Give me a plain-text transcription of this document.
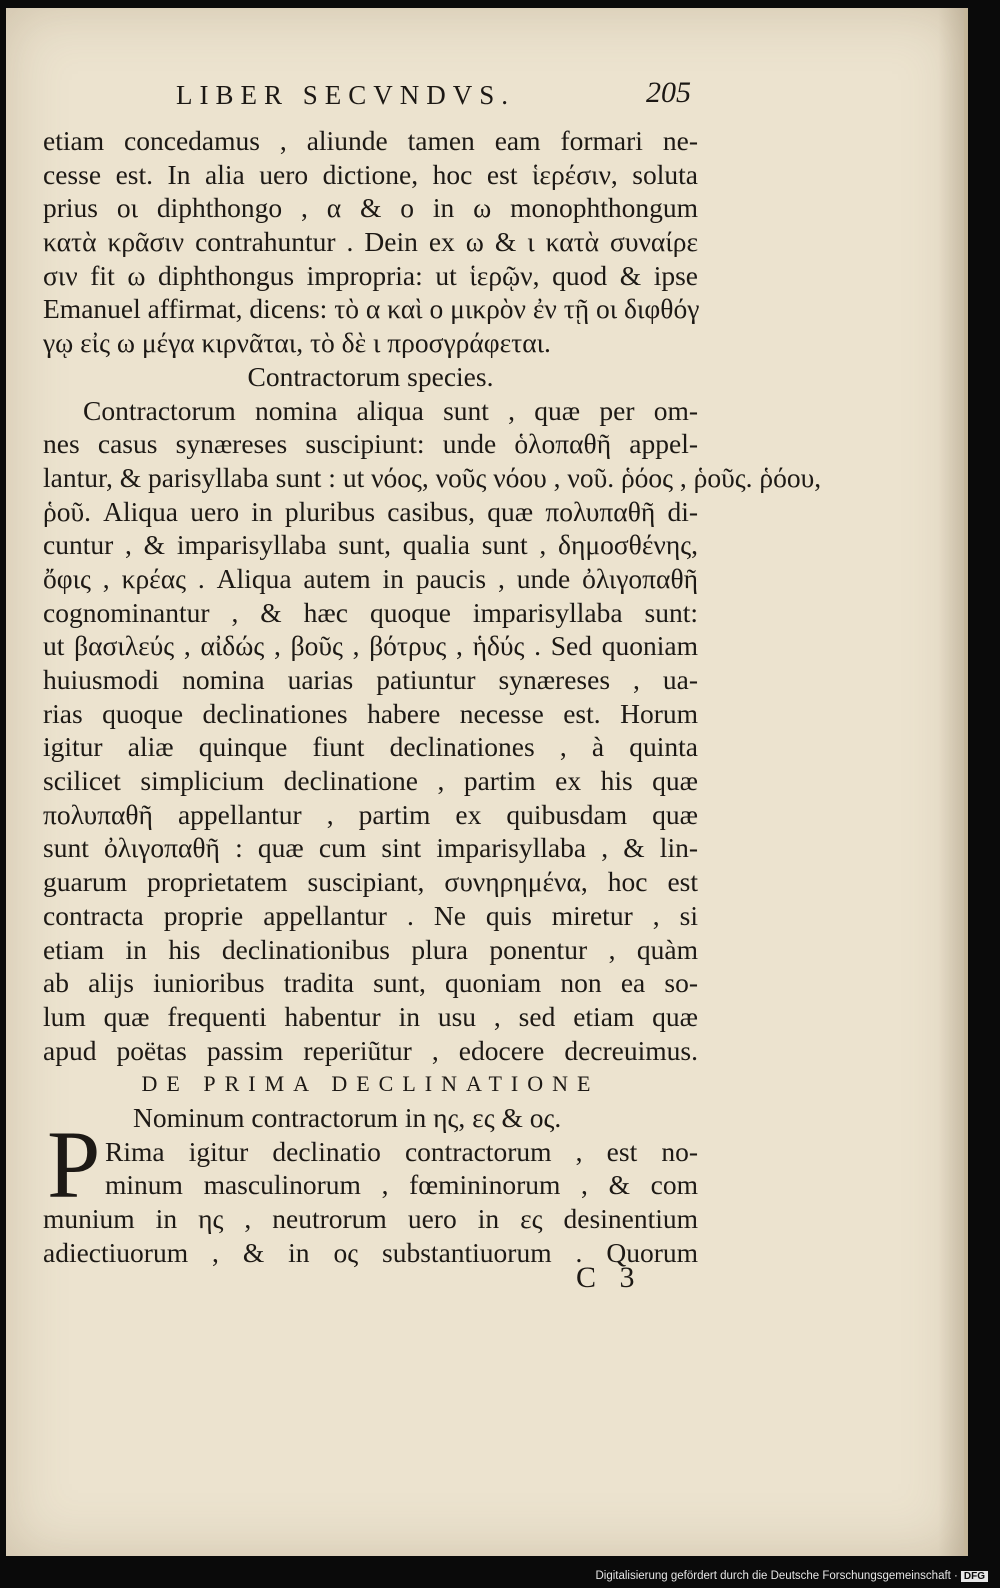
LIBER SECVNDVS.	205
P
etiam concedamus , aliunde tamen eam formari ne-
cesse est. In alia uero dictione, hoc est ἱερέσιν, soluta
prius οι diphthongo , α & ο in ω monophthongum
κατὰ κρᾶσιν contrahuntur . Dein ex ω & ι κατὰ συναίρε
σιν fit ω diphthongus impropria: ut ἱερῷν, quod & ipse
Emanuel affirmat, dicens: τὸ α καὶ ο μικρὸν ἐν τῇ οι διφθόγ
γῳ εἰς ω μέγα κιρνᾶται, τὸ δὲ ι προσγράφεται.
Contractorum species.
Contractorum nomina aliqua sunt , quæ per om-
nes casus synæreses suscipiunt: unde ὁλοπαθῆ appel-
lantur, & parisyllaba sunt : ut νόος, νοῦς νόου , νοῦ. ῥόος , ῥοῦς. ῥόου,
ῥοῦ. Aliqua uero in pluribus casibus, quæ πολυπαθῆ di-
cuntur , & imparisyllaba sunt, qualia sunt , δημοσθένης,
ὄφις , κρέας . Aliqua autem in paucis , unde ὀλιγοπαθῆ
cognominantur , & hæc quoque imparisyllaba sunt:
ut βασιλεύς , αἰδώς , βοῦς , βότρυς , ἡδύς . Sed quoniam
huiusmodi nomina uarias patiuntur synæreses , ua-
rias quoque declinationes habere necesse est. Horum
igitur aliæ quinque fiunt declinationes , à quinta
scilicet simplicium declinatione , partim ex his quæ
πολυπαθῆ appellantur , partim ex quibusdam quæ
sunt ὀλιγοπαθῆ : quæ cum sint imparisyllaba , & lin-
guarum proprietatem suscipiant, συνηρημένα, hoc est
contracta proprie appellantur . Ne quis miretur , si
etiam in his declinationibus plura ponentur , quàm
ab alijs iunioribus tradita sunt, quoniam non ea so-
lum quæ frequenti habentur in usu , sed etiam quæ
apud poëtas passim reperiũtur , edocere decreuimus.
DE PRIMA DECLINATIONE
Nominum contractorum in ης, ες & ος.
Rima igitur declinatio contractorum , est no-
minum masculinorum , fœmininorum , & com
munium in ης , neutrorum uero in ες desinentium
adiectiuorum , & in ος substantiuorum . Quorum
C 3
Digitalisierung gefördert durch die Deutsche Forschungsgemeinschaft · DFG
